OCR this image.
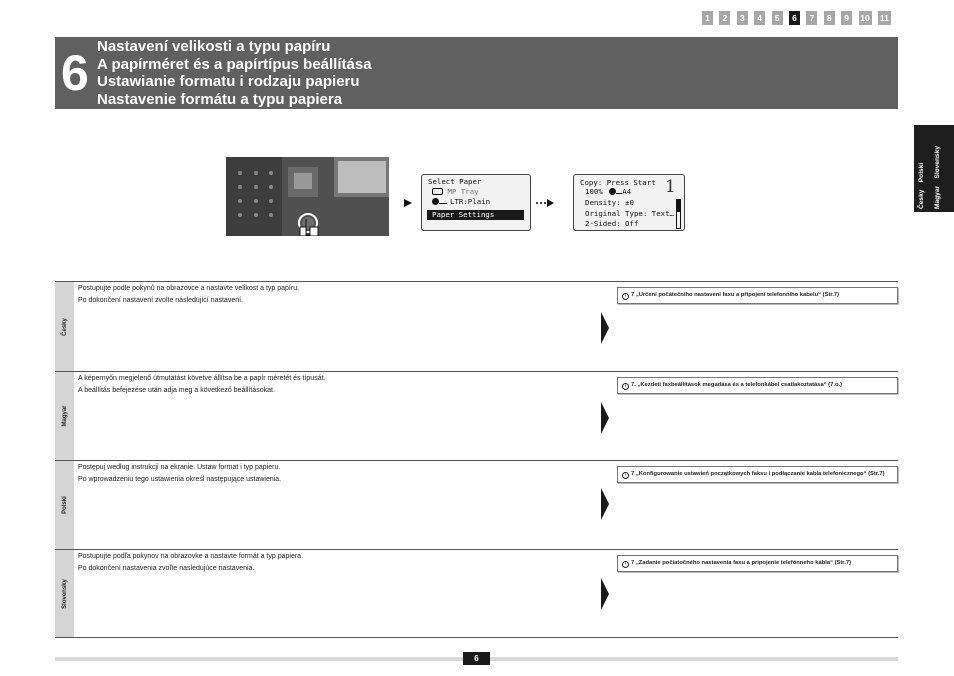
1	2	3	4	5	6	7	8	9	10 11
6 Nastavení velikosti a typu papíru
A papírméret és a papírtípus beállítása
Ustawianie formatu i rodzaju papieru
Nastavenie formátu a typu papiera
Česky    Polski
Magyar    Slovensky
Select Paper
MP Tray
LTR:Plain
Paper Settings
Copy: Press Start
100%	A4	1
Density: ±0
Original Type: Text…
2-Sided: Off
Česky
Postupujte podle pokynů na obrazovce a nastavte velikost a typ papíru.
Po dokončení nastavení zvolte následující nastavení.
› 7 „Určení počátečního nastavení faxu a připojení telefonního kabelu“ (Str.7)
Magyar
A képernyőn megjelenő útmutatást követve állítsa be a papír méretét és típusát.
A beállítás befejezése után adja meg a következő beállításokat.
› 7. „Kezdeti faxbeállítások megadása és a telefonkábel csatlakoztatása“ (7.o.)
Polski
Postępuj według instrukcji na ekranie. Ustaw format i typ papieru.
Po wprowadzeniu tego ustawienia określ następujące ustawienia.
› 7 „Konfigurowanie ustawień początkowych faksu i podłączanie kabla telefonicznego“ (Str.7)
Slovensky
Postupujte podľa pokynov na obrazovke a nastavte formát a typ papiera.
Po dokončení nastavenia zvoľte nasledujúce nastavenia.
› 7 „Zadanie počiatočného nastavenia faxu a pripojenie telefónneho kábla“ (Str.7)
6
